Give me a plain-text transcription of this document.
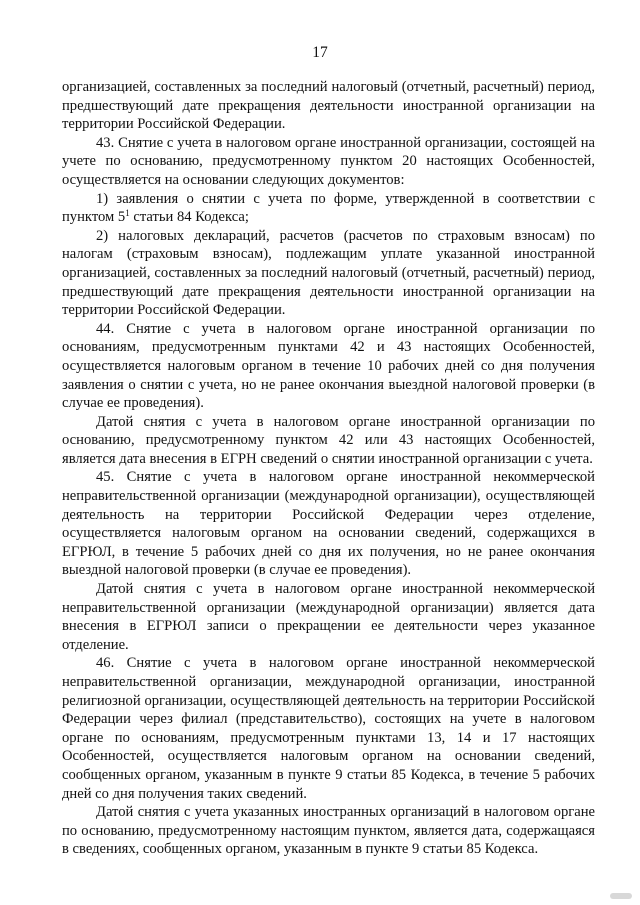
17

организацией, составленных за последний налоговый (отчетный, расчетный) период, предшествующий дате прекращения деятельности иностранной организации на территории Российской Федерации.

43. Снятие с учета в налоговом органе иностранной организации, состоящей на учете по основанию, предусмотренному пунктом 20 настоящих Особенностей, осуществляется на основании следующих документов:

1) заявления о снятии с учета по форме, утвержденной в соответствии с пунктом $5^1$ статьи 84 Кодекса;

2) налоговых деклараций, расчетов (расчетов по страховым взносам) по налогам (страховым взносам), подлежащим уплате указанной иностранной организацией, составленных за последний налоговый (отчетный, расчетный) период, предшествующий дате прекращения деятельности иностранной организации на территории Российской Федерации.

44. Снятие с учета в налоговом органе иностранной организации по основаниям, предусмотренным пунктами 42 и 43 настоящих Особенностей, осуществляется налоговым органом в течение 10 рабочих дней со дня получения заявления о снятии с учета, но не ранее окончания выездной налоговой проверки (в случае ее проведения).

Датой снятия с учета в налоговом органе иностранной организации по основанию, предусмотренному пунктом 42 или 43 настоящих Особенностей, является дата внесения в ЕГРН сведений о снятии иностранной организации с учета.

45. Снятие с учета в налоговом органе иностранной некоммерческой неправительственной организации (международной организации), осуществляющей деятельность на территории Российской Федерации через отделение, осуществляется налоговым органом на основании сведений, содержащихся в ЕГРЮЛ, в течение 5 рабочих дней со дня их получения, но не ранее окончания выездной налоговой проверки (в случае ее проведения).

Датой снятия с учета в налоговом органе иностранной некоммерческой неправительственной организации (международной организации) является дата внесения в ЕГРЮЛ записи о прекращении ее деятельности через указанное отделение.

46. Снятие с учета в налоговом органе иностранной некоммерческой неправительственной организации, международной организации, иностранной религиозной организации, осуществляющей деятельность на территории Российской Федерации через филиал (представительство), состоящих на учете в налоговом органе по основаниям, предусмотренным пунктами 13, 14 и 17 настоящих Особенностей, осуществляется налоговым органом на основании сведений, сообщенных органом, указанным в пункте 9 статьи 85 Кодекса, в течение 5 рабочих дней со дня получения таких сведений.

Датой снятия с учета указанных иностранных организаций в налоговом органе по основанию, предусмотренному настоящим пунктом, является дата, содержащаяся в сведениях, сообщенных органом, указанным в пункте 9 статьи 85 Кодекса.
